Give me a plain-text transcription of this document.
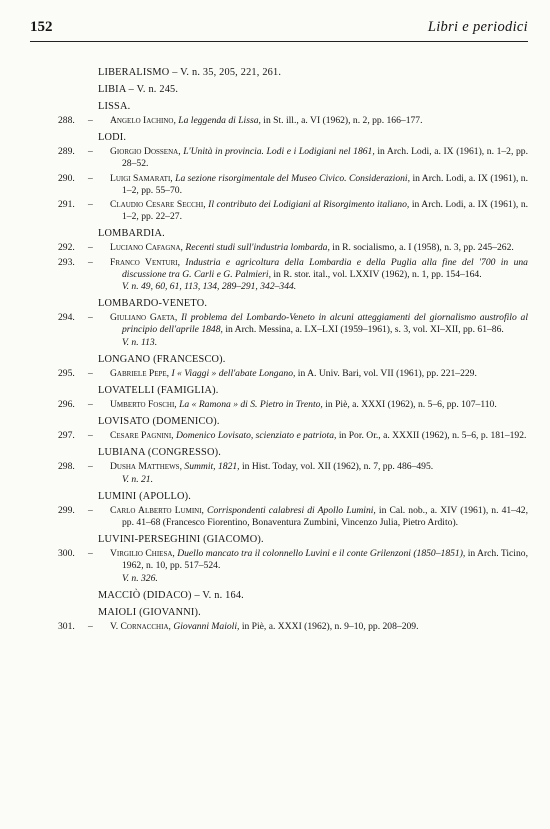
152	Libri e periodici
LIBERALISMO – V. n. 35, 205, 221, 261.
LIBIA – V. n. 245.
LISSA.
288. – Angelo Iachino, La leggenda di Lissa, in St. ill., a. VI (1962), n. 2, pp. 166–177.
LODI.
289. – Giorgio Dossena, L'Unità in provincia. Lodi e i Lodigiani nel 1861, in Arch. Lodi, a. IX (1961), n. 1–2, pp. 28–52.
290. – Luigi Samarati, La sezione risorgimentale del Museo Civico. Considerazioni, in Arch. Lodi, a. IX (1961), n. 1–2, pp. 55–70.
291. – Claudio Cesare Secchi, Il contributo dei Lodigiani al Risorgimento italiano, in Arch. Lodi, a. IX (1961), n. 1–2, pp. 22–27.
LOMBARDIA.
292. – Luciano Cafagna, Recenti studi sull'industria lombarda, in R. socialismo, a. I (1958), n. 3, pp. 245–262.
293. – Franco Venturi, Industria e agricoltura della Lombardia e della Puglia alla fine del '700 in una discussione tra G. Carli e G. Palmieri, in R. stor. ital., vol. LXXIV (1962), n. 1, pp. 154–164.
V. n. 49, 60, 61, 113, 134, 289–291, 342–344.
LOMBARDO-VENETO.
294. – Giuliano Gaeta, Il problema del Lombardo-Veneto in alcuni atteggiamenti del giornalismo austrofilo al principio dell'aprile 1848, in Arch. Messina, a. LX–LXI (1959–1961), s. 3, vol. XI–XII, pp. 61–86.
V. n. 113.
LONGANO (FRANCESCO).
295. – Gabriele Pepe, I « Viaggi » dell'abate Longano, in A. Univ. Bari, vol. VII (1961), pp. 221–229.
LOVATELLI (FAMIGLIA).
296. – Umberto Foschi, La « Ramona » di S. Pietro in Trento, in Piè, a. XXXI (1962), n. 5–6, pp. 107–110.
LOVISATO (DOMENICO).
297. – Cesare Pagnini, Domenico Lovisato, scienziato e patriota, in Por. Or., a. XXXII (1962), n. 5–6, p. 181–192.
LUBIANA (CONGRESSO).
298. – Dusha Matthews, Summit, 1821, in Hist. Today, vol. XII (1962), n. 7, pp. 486–495.
V. n. 21.
LUMINI (APOLLO).
299. – Carlo Alberto Lumini, Corrispondenti calabresi di Apollo Lumini, in Cal. nob., a. XIV (1961), n. 41–42, pp. 41–68 (Francesco Fiorentino, Bonaventura Zumbini, Vincenzo Julia, Pietro Ardito).
LUVINI-PERSEGHINI (GIACOMO).
300. – Virgilio Chiesa, Duello mancato tra il colonnello Luvini e il conte Grilenzoni (1850–1851), in Arch. Ticino, 1962, n. 10, pp. 517–524.
V. n. 326.
MACCIÒ (DIDACO) – V. n. 164.
MAIOLI (GIOVANNI).
301. – V. Cornacchia, Giovanni Maioli, in Piè, a. XXXI (1962), n. 9–10, pp. 208–209.
